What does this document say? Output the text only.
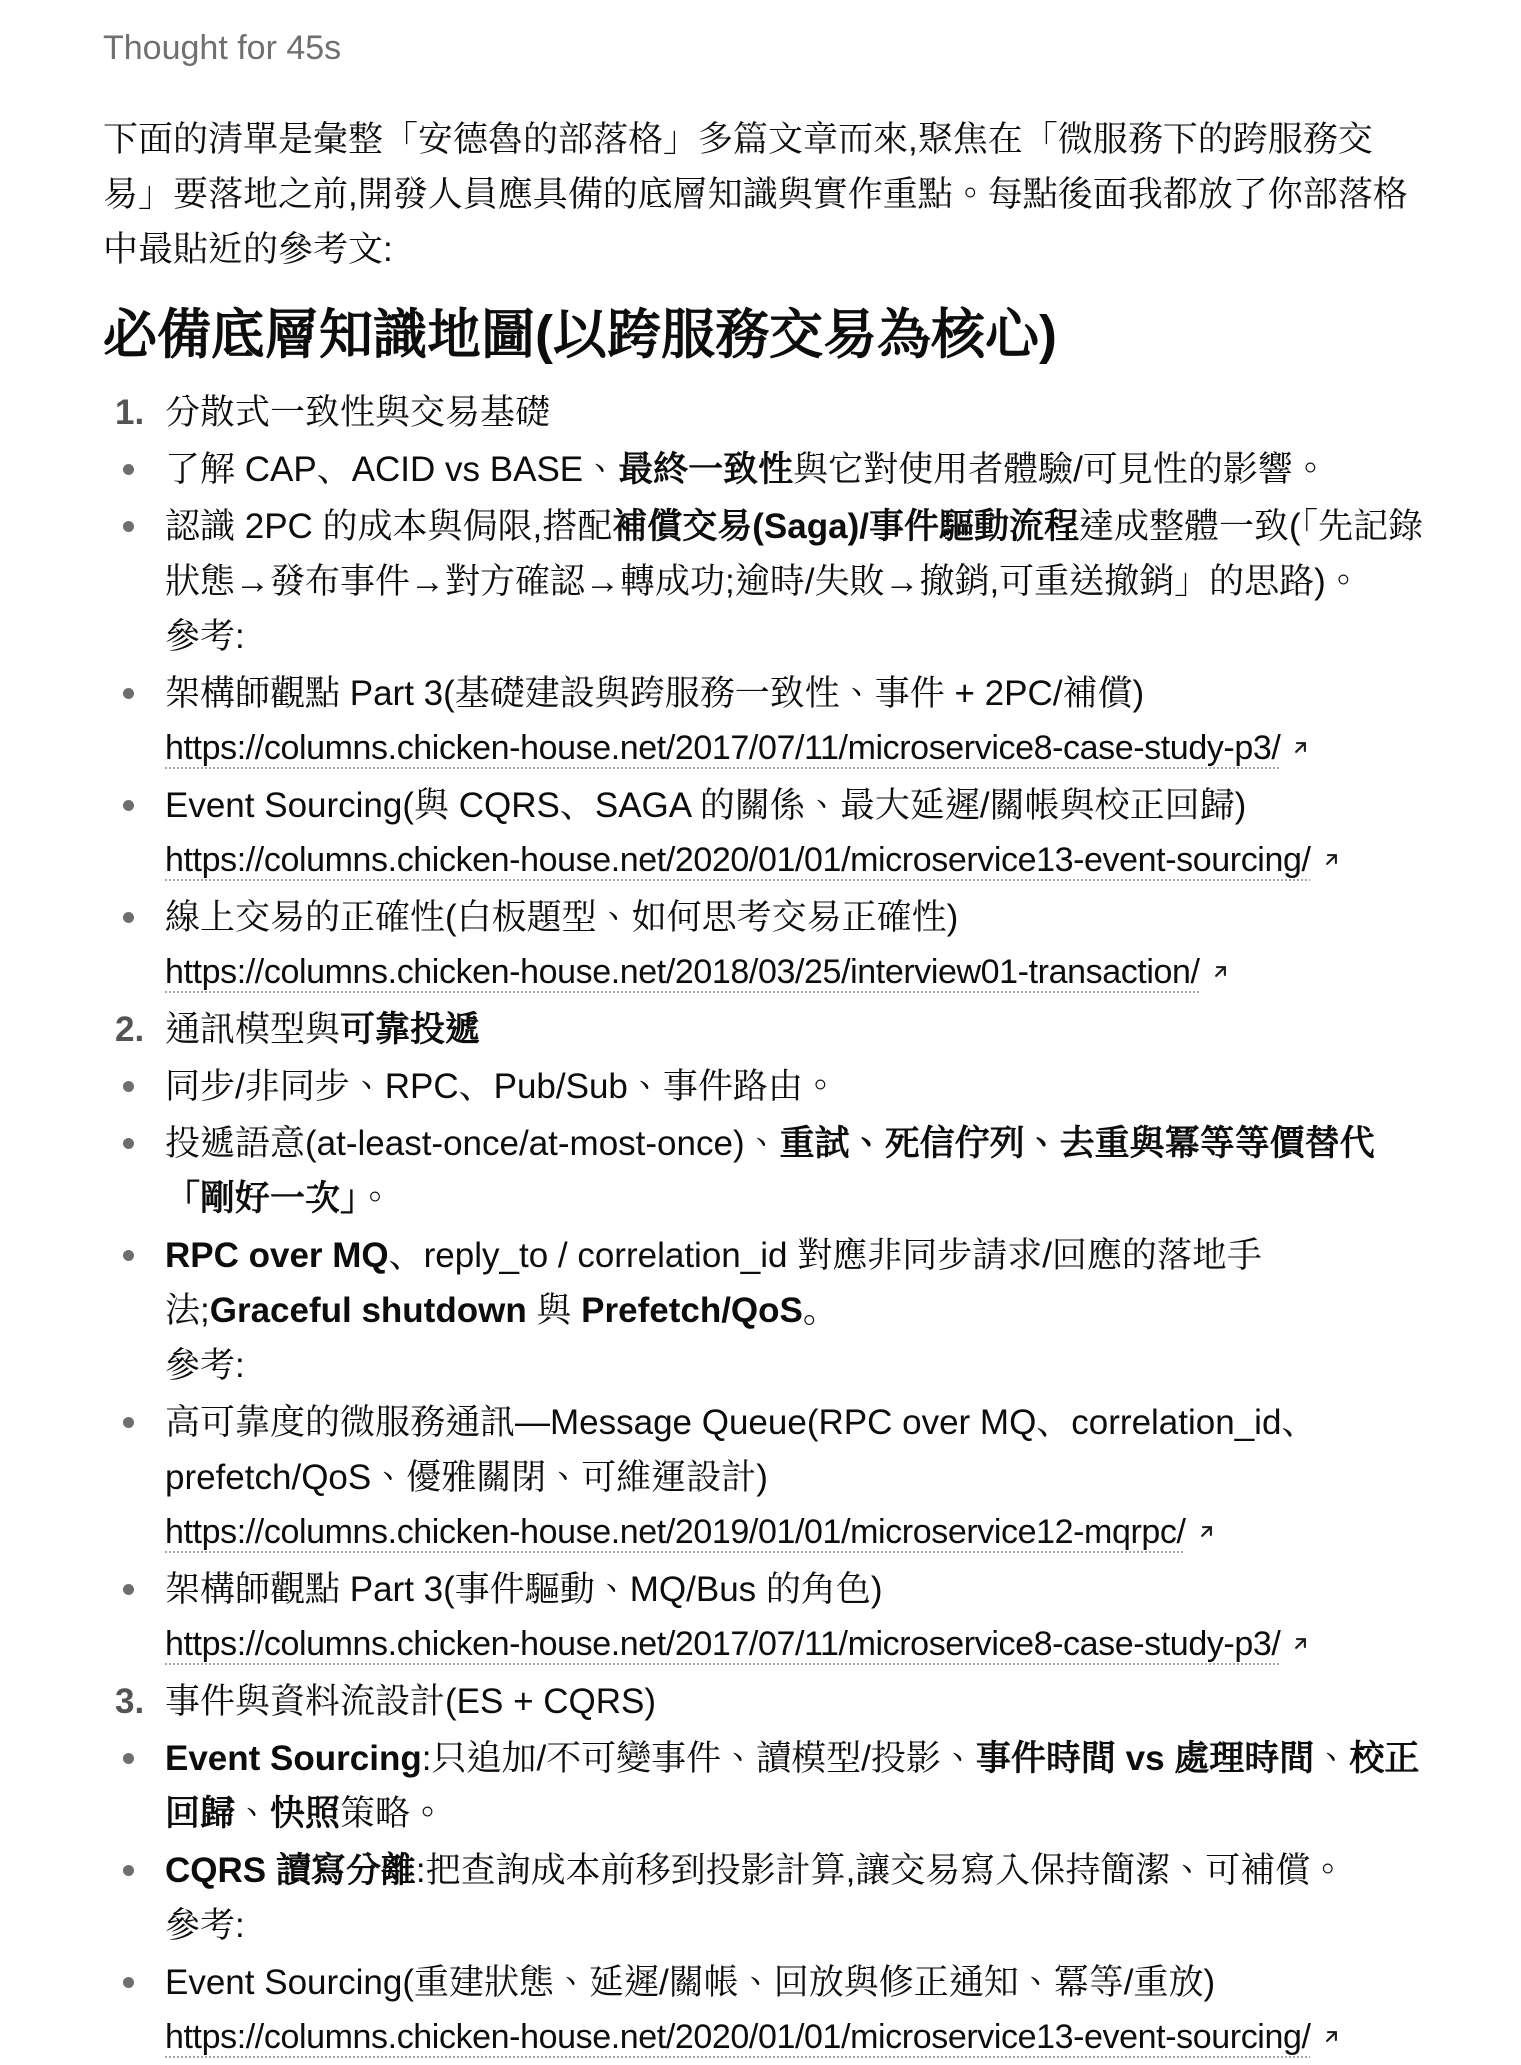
Thought for 45s

下面的清單是彙整「安德魯的部落格」多篇文章而來,聚焦在「微服務下的跨服務交易」要落地之前,開發人員應具備的底層知識與實作重點。每點後面我都放了你部落格中最貼近的參考文:

必備底層知識地圖(以跨服務交易為核心)
1. 分散式一致性與交易基礎
了解 CAP、ACID vs BASE、最終一致性與它對使用者體驗/可見性的影響。
認識 2PC 的成本與侷限,搭配補償交易(Saga)/事件驅動流程達成整體一致(「先記錄狀態→發布事件→對方確認→轉成功;逾時/失敗→撤銷,可重送撤銷」的思路)。
參考:
架構師觀點 Part 3(基礎建設與跨服務一致性、事件 + 2PC/補償)
https://columns.chicken-house.net/2017/07/11/microservice8-case-study-p3/
Event Sourcing(與 CQRS、SAGA 的關係、最大延遲/關帳與校正回歸)
https://columns.chicken-house.net/2020/01/01/microservice13-event-sourcing/
線上交易的正確性(白板題型、如何思考交易正確性)
https://columns.chicken-house.net/2018/03/25/interview01-transaction/
2. 通訊模型與可靠投遞
同步/非同步、RPC、Pub/Sub、事件路由。
投遞語意(at-least-once/at-most-once)、重試、死信佇列、去重與冪等等價替代「剛好一次」。
RPC over MQ、reply_to / correlation_id 對應非同步請求/回應的落地手法;Graceful shutdown 與 Prefetch/QoS。
參考:
高可靠度的微服務通訊—Message Queue(RPC over MQ、correlation_id、prefetch/QoS、優雅關閉、可維運設計)
https://columns.chicken-house.net/2019/01/01/microservice12-mqrpc/
架構師觀點 Part 3(事件驅動、MQ/Bus 的角色)
https://columns.chicken-house.net/2017/07/11/microservice8-case-study-p3/
3. 事件與資料流設計(ES + CQRS)
Event Sourcing:只追加/不可變事件、讀模型/投影、事件時間 vs 處理時間、校正回歸、快照策略。
CQRS 讀寫分離:把查詢成本前移到投影計算,讓交易寫入保持簡潔、可補償。
參考:
Event Sourcing(重建狀態、延遲/關帳、回放與修正通知、冪等/重放)
https://columns.chicken-house.net/2020/01/01/microservice13-event-sourcing/
